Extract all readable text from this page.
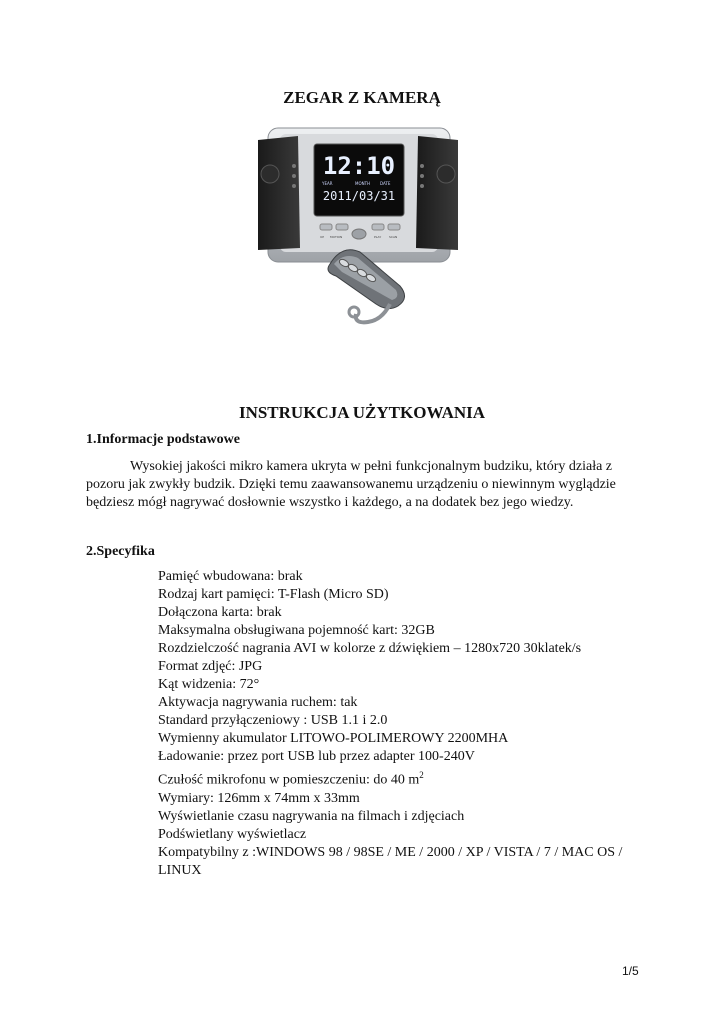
ZEGAR Z KAMERĄ
12:10
YEAR	MONTH DATE
2011/03/31
UP MOTION	PLAY	SCAN
INSTRUKCJA UŻYTKOWANIA
1.Informacje podstawowe

Wysokiej jakości mikro kamera ukryta w pełni funkcjonalnym budziku, który działa z pozoru jak zwykły budzik. Dzięki temu zaawansowanemu urządzeniu o niewinnym wyglądzie będziesz mógł nagrywać dosłownie wszystko i każdego, a na dodatek bez jego wiedzy.

2.Specyfika
Pamięć wbudowana: brak
Rodzaj kart pamięci: T-Flash (Micro SD)
Dołączona karta: brak
Maksymalna obsługiwana pojemność kart: 32GB
Rozdzielczość nagrania AVI w kolorze z dźwiękiem – 1280x720 30klatek/s
Format zdjęć: JPG
Kąt widzenia: 72°
Aktywacja nagrywania ruchem: tak
Standard przyłączeniowy : USB 1.1 i 2.0
Wymienny akumulator LITOWO-POLIMEROWY 2200MHA
Ładowanie: przez port USB lub przez adapter 100-240V
Czułość mikrofonu w pomieszczeniu: do 40 $m^2$
Wymiary: 126mm x 74mm x 33mm
Wyświetlanie czasu nagrywania na filmach i zdjęciach
Podświetlany wyświetlacz
Kompatybilny z :WINDOWS 98 / 98SE / ME / 2000 / XP / VISTA / 7 / MAC OS / LINUX
1/5
